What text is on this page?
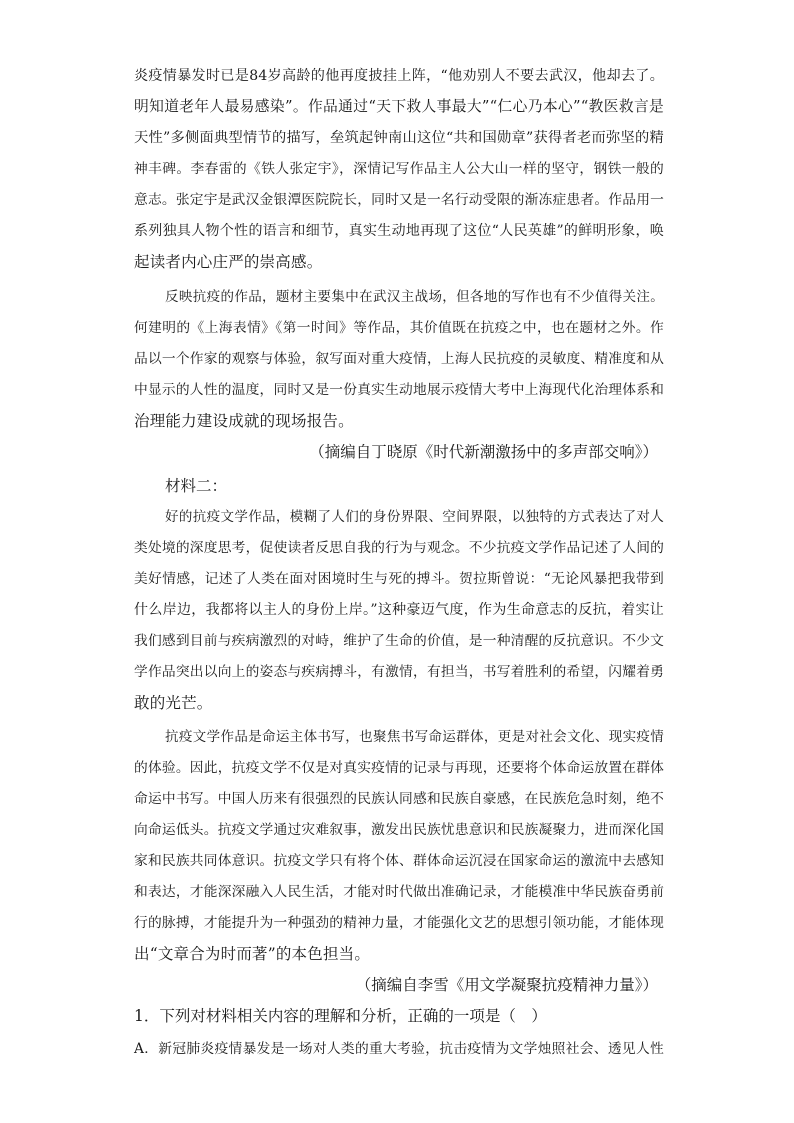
炎疫情暴发时已是84岁高龄的他再度披挂上阵，“他劝别人不要去武汉，他却去了。
明知道老年人最易感染”。作品通过“天下救人事最大”“仁心乃本心”“教医救言是
天性”多侧面典型情节的描写，垒筑起钟南山这位“共和国勋章”获得者老而弥坚的精
神丰碑。李春雷的《铁人张定宇》，深情记写作品主人公大山一样的坚守，钢铁一般的
意志。张定宇是武汉金银潭医院院长，同时又是一名行动受限的渐冻症患者。作品用一
系列独具人物个性的语言和细节，真实生动地再现了这位“人民英雄”的鲜明形象，唤
起读者内心庄严的崇高感。
反映抗疫的作品，题材主要集中在武汉主战场，但各地的写作也有不少值得关注。
何建明的《上海表情》《第一时间》等作品，其价值既在抗疫之中，也在题材之外。作
品以一个作家的观察与体验，叙写面对重大疫情，上海人民抗疫的灵敏度、精准度和从
中显示的人性的温度，同时又是一份真实生动地展示疫情大考中上海现代化治理体系和
治理能力建设成就的现场报告。
（摘编自丁晓原《时代新潮激扬中的多声部交响》）
材料二：
好的抗疫文学作品，模糊了人们的身份界限、空间界限，以独特的方式表达了对人
类处境的深度思考，促使读者反思自我的行为与观念。不少抗疫文学作品记述了人间的
美好情感，记述了人类在面对困境时生与死的搏斗。贺拉斯曾说：“无论风暴把我带到
什么岸边，我都将以主人的身份上岸。”这种豪迈气度，作为生命意志的反抗，着实让
我们感到目前与疾病激烈的对峙，维护了生命的价值，是一种清醒的反抗意识。不少文
学作品突出以向上的姿态与疾病搏斗，有激情，有担当，书写着胜利的希望，闪耀着勇
敢的光芒。
抗疫文学作品是命运主体书写，也聚焦书写命运群体，更是对社会文化、现实疫情
的体验。因此，抗疫文学不仅是对真实疫情的记录与再现，还要将个体命运放置在群体
命运中书写。中国人历来有很强烈的民族认同感和民族自豪感，在民族危急时刻，绝不
向命运低头。抗疫文学通过灾难叙事，激发出民族忧患意识和民族凝聚力，进而深化国
家和民族共同体意识。抗疫文学只有将个体、群体命运沉浸在国家命运的激流中去感知
和表达，才能深深融入人民生活，才能对时代做出准确记录，才能模准中华民族奋勇前
行的脉搏，才能提升为一种强劲的精神力量，才能强化文艺的思想引领功能，才能体现
出“文章合为时而著”的本色担当。
（摘编自李雪《用文学凝聚抗疫精神力量》）
1．下列对材料相关内容的理解和分析，正确的一项是（　）
A．新冠肺炎疫情暴发是一场对人类的重大考验，抗击疫情为文学烛照社会、透见人性
